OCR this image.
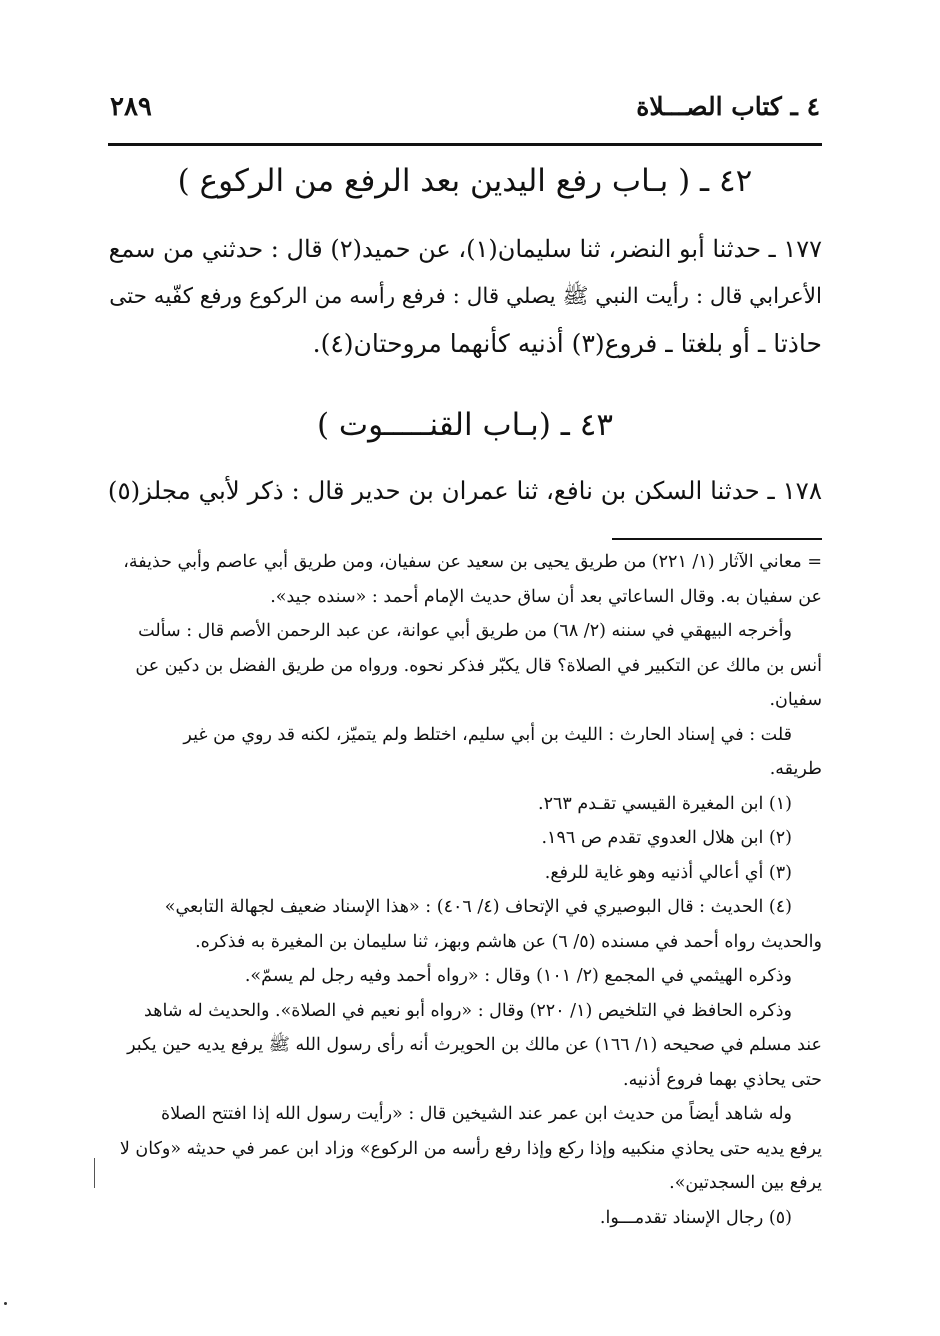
٤ ـ كتاب الصـــلاة
٢٨٩
٤٢ ـ ( بـاب رفع اليدين بعد الرفع من الركوع )

١٧٧ ـ حدثنا أبو النضر، ثنا سليمان(١)، عن حميد(٢) قال : حدثني من سمع
الأعرابي قال : رأيت النبي ﷺ يصلي قال : فرفع رأسه من الركوع ورفع كفّيه حتى
حاذتا ـ أو بلغتا ـ فروع(٣) أذنيه كأنهما مروحتان(٤).

٤٣ ـ (بـاب القنـــــوت )

١٧٨ ـ حدثنا السكن بن نافع، ثنا عمران بن حدير قال : ذكر لأبي مجلز(٥)

= معاني الآثار (١/ ٢٢١) من طريق يحيى بن سعيد عن سفيان، ومن طريق أبي عاصم وأبي حذيفة،
عن سفيان به. وقال الساعاتي بعد أن ساق حديث الإمام أحمد : «سنده جيد».
وأخرجه البيهقي في سننه (٢/ ٦٨) من طريق أبي عوانة، عن عبد الرحمن الأصم قال : سألت
أنس بن مالك عن التكبير في الصلاة؟ قال يكبّر فذكر نحوه. ورواه من طريق الفضل بن دكين عن
سفيان.
قلت : في إسناد الحارث : الليث بن أبي سليم، اختلط ولم يتميّز، لكنه قد روي من غير
طريقه.
(١) ابن المغيرة القيسي تقـدم ٢٦٣.
(٢) ابن هلال العدوي تقدم ص ١٩٦.
(٣) أي أعالي أذنيه وهو غاية للرفع.
(٤) الحديث : قال البوصيري في الإتحاف (٤/ ٤٠٦) : «هذا الإسناد ضعيف لجهالة التابعي»
والحديث رواه أحمد في مسنده (٥/ ٦) عن هاشم وبهز، ثنا سليمان بن المغيرة به فذكره.
وذكره الهيثمي في المجمع (٢/ ١٠١) وقال : «رواه أحمد وفيه رجل لم يسمّ».
وذكره الحافظ في التلخيص (١/ ٢٢٠) وقال : «رواه أبو نعيم في الصلاة». والحديث له شاهد
عند مسلم في صحيحه (١/ ١٦٦) عن مالك بن الحويرث أنه رأى رسول الله ﷺ يرفع يديه حين يكبر
حتى يحاذي بهما فروع أذنيه.
وله شاهد أيضاً من حديث ابن عمر عند الشيخين قال : «رأيت رسول الله إذا افتتح الصلاة
يرفع يديه حتى يحاذي منكبيه وإذا ركع وإذا رفع رأسه من الركوع» وزاد ابن عمر في حديثه «وكان لا
يرفع بين السجدتين».
(٥) رجال الإسناد تقدمـــوا.
